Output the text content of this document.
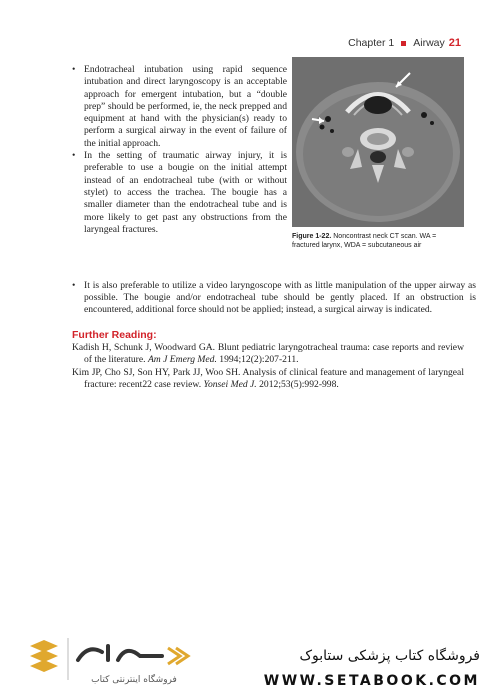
Chapter 1 Airway 21

• Endotracheal intubation using rapid sequence intubation and direct laryngoscopy is an acceptable approach for emergent intubation, but a “double prep” should be performed, ie, the neck prepped and equipment at hand with the physician(s) ready to perform a surgical airway in the event of failure of the initial approach.

• In the setting of traumatic airway injury, it is preferable to use a bougie on the initial attempt instead of an endotracheal tube (with or without stylet) to access the trachea. The bougie has a smaller diameter than the endotracheal tube and is more likely to get past any obstructions from the laryngeal fractures.

Figure 1-22. Noncontrast neck CT scan. WA = fractured larynx, WDA = subcutaneous air

• It is also preferable to utilize a video laryngoscope with as little manipulation of the upper airway as possible. The bougie and/or endotracheal tube should be gently placed. If an obstruction is encountered, additional force should not be applied; instead, a surgical airway is indicated.

Further Reading:

Kadish H, Schunk J, Woodward GA. Blunt pediatric laryngotracheal trauma: case reports and review of the literature. Am J Emerg Med. 1994;12(2):207-211.

Kim JP, Cho SJ, Son HY, Park JJ, Woo SH. Analysis of clinical feature and management of laryngeal fracture: recent22 case review. Yonsei Med J. 2012;53(5):992-998.

فروشگاه اینترنتی کتاب
فروشگاه کتاب پزشکی ستابوک
WWW.SETABOOK.COM
